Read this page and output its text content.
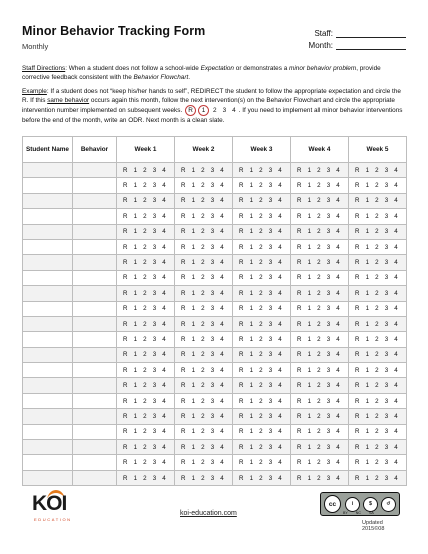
Minor Behavior Tracking Form
Monthly
Staff:
Month:
Staff Directions: When a student does not follow a school-wide Expectation or demonstrates a minor behavior problem, provide corrective feedback consistent with the Behavior Flowchart.
Example: If a student does not “keep his/her hands to self”, REDIRECT the student to follow the appropriate expectation and circle the R. If this same behavior occurs again this month, follow the next intervention(s) on the Behavior Flowchart and circle the appropriate intervention number implemented on subsequent weeks. R 1 2 3 4 . If you need to implement all minor behavior interventions before the end of the month, write an ODR. Next month is a clean slate.
Student Name	Behavior	Week 1	Week 2	Week 3	Week 4	Week 5
		R 1 2 3 4	R 1 2 3 4	R 1 2 3 4	R 1 2 3 4	R 1 2 3 4
		R 1 2 3 4	R 1 2 3 4	R 1 2 3 4	R 1 2 3 4	R 1 2 3 4
		R 1 2 3 4	R 1 2 3 4	R 1 2 3 4	R 1 2 3 4	R 1 2 3 4
		R 1 2 3 4	R 1 2 3 4	R 1 2 3 4	R 1 2 3 4	R 1 2 3 4
		R 1 2 3 4	R 1 2 3 4	R 1 2 3 4	R 1 2 3 4	R 1 2 3 4
		R 1 2 3 4	R 1 2 3 4	R 1 2 3 4	R 1 2 3 4	R 1 2 3 4
		R 1 2 3 4	R 1 2 3 4	R 1 2 3 4	R 1 2 3 4	R 1 2 3 4
		R 1 2 3 4	R 1 2 3 4	R 1 2 3 4	R 1 2 3 4	R 1 2 3 4
		R 1 2 3 4	R 1 2 3 4	R 1 2 3 4	R 1 2 3 4	R 1 2 3 4
		R 1 2 3 4	R 1 2 3 4	R 1 2 3 4	R 1 2 3 4	R 1 2 3 4
		R 1 2 3 4	R 1 2 3 4	R 1 2 3 4	R 1 2 3 4	R 1 2 3 4
		R 1 2 3 4	R 1 2 3 4	R 1 2 3 4	R 1 2 3 4	R 1 2 3 4
		R 1 2 3 4	R 1 2 3 4	R 1 2 3 4	R 1 2 3 4	R 1 2 3 4
		R 1 2 3 4	R 1 2 3 4	R 1 2 3 4	R 1 2 3 4	R 1 2 3 4
		R 1 2 3 4	R 1 2 3 4	R 1 2 3 4	R 1 2 3 4	R 1 2 3 4
		R 1 2 3 4	R 1 2 3 4	R 1 2 3 4	R 1 2 3 4	R 1 2 3 4
		R 1 2 3 4	R 1 2 3 4	R 1 2 3 4	R 1 2 3 4	R 1 2 3 4
		R 1 2 3 4	R 1 2 3 4	R 1 2 3 4	R 1 2 3 4	R 1 2 3 4
		R 1 2 3 4	R 1 2 3 4	R 1 2 3 4	R 1 2 3 4	R 1 2 3 4
		R 1 2 3 4	R 1 2 3 4	R 1 2 3 4	R 1 2 3 4	R 1 2 3 4
		R 1 2 3 4	R 1 2 3 4	R 1 2 3 4	R 1 2 3 4	R 1 2 3 4
KOI
EDUCATION
koi-education.com
cc	i	$	↺
BY NC SA
Updated 2015©08
